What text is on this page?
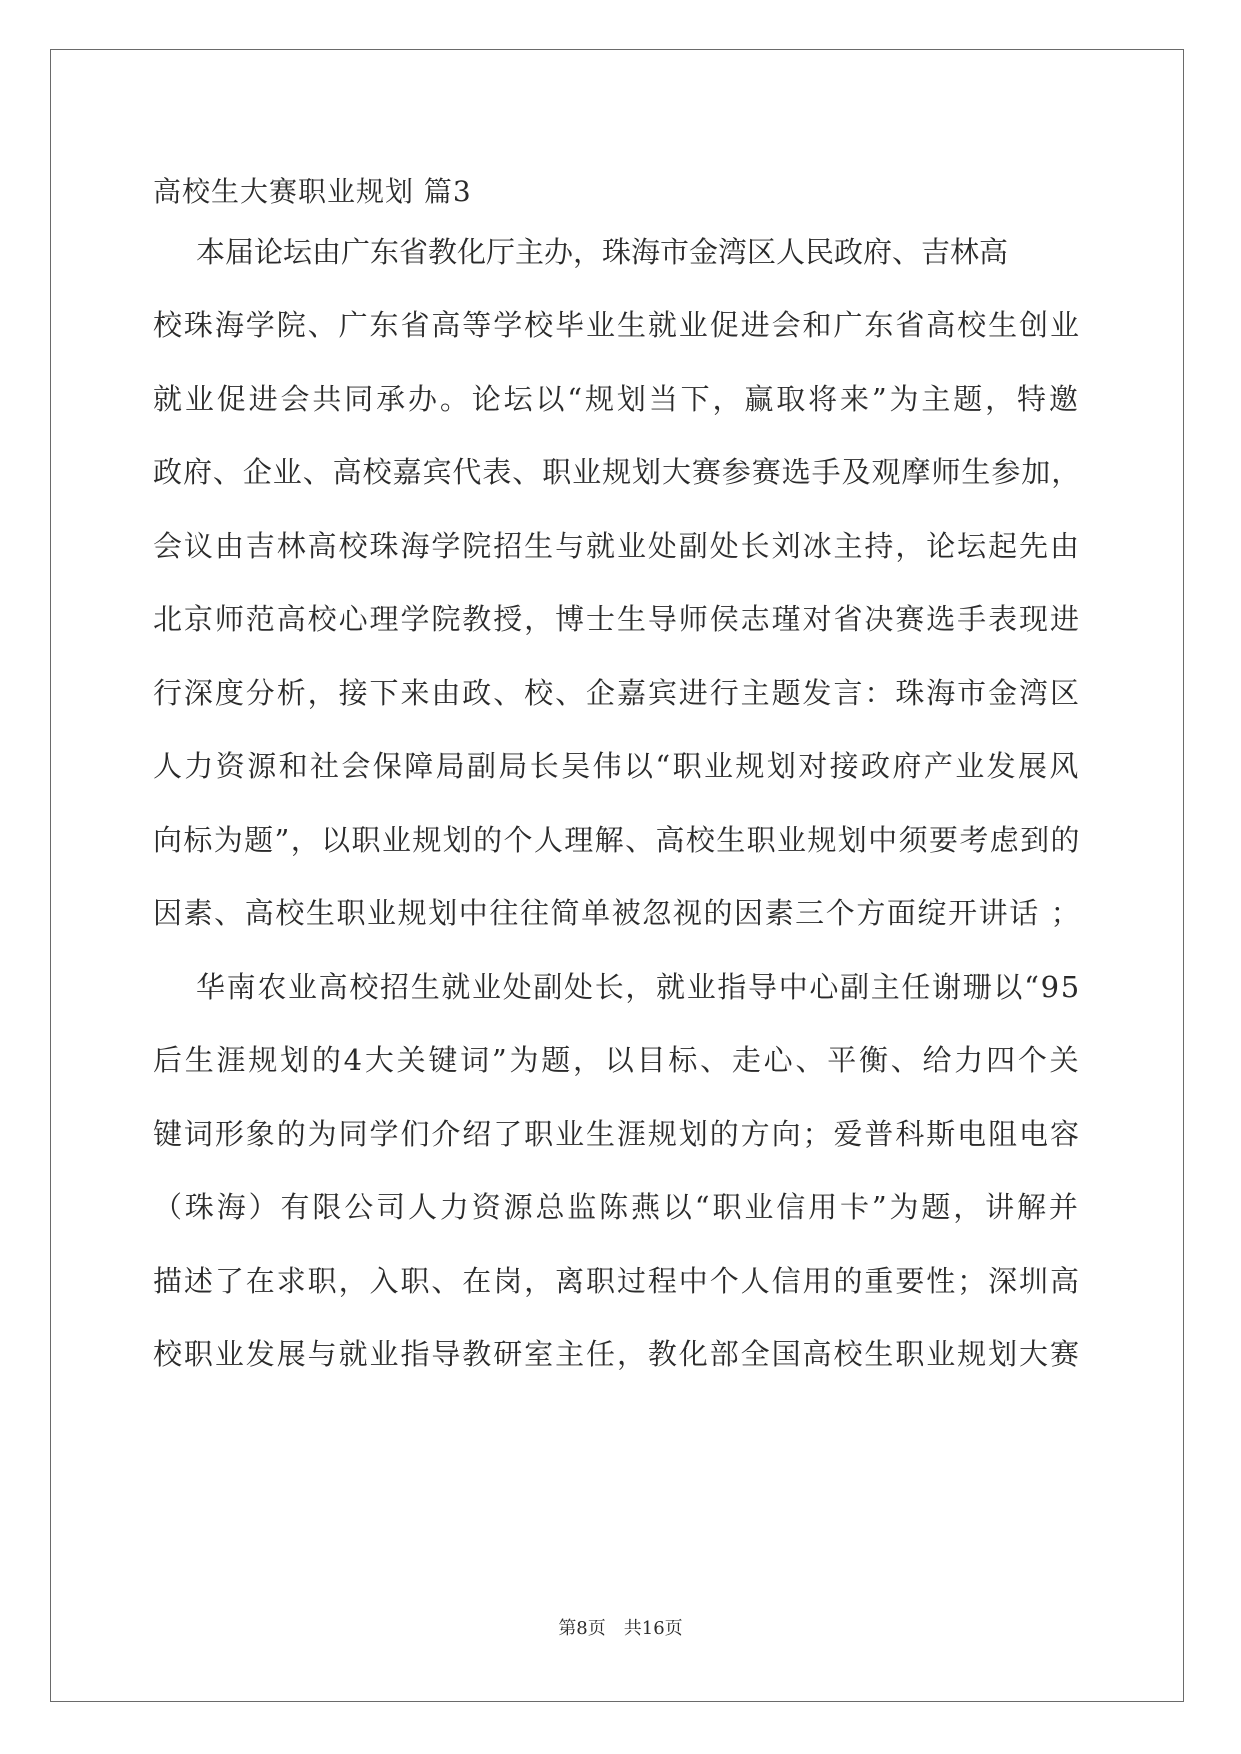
高校生大赛职业规划 篇3
本届论坛由广东省教化厅主办，珠海市金湾区人民政府、吉林高
校珠海学院、广东省高等学校毕业生就业促进会和广东省高校生创业
就业促进会共同承办。论坛以“规划当下，赢取将来”为主题，特邀
政府、企业、高校嘉宾代表、职业规划大赛参赛选手及观摩师生参加，
会议由吉林高校珠海学院招生与就业处副处长刘冰主持，论坛起先由
北京师范高校心理学院教授，博士生导师侯志瑾对省决赛选手表现进
行深度分析，接下来由政、校、企嘉宾进行主题发言：珠海市金湾区
人力资源和社会保障局副局长吴伟以“职业规划对接政府产业发展风
向标为题”，以职业规划的个人理解、高校生职业规划中须要考虑到的
因素、高校生职业规划中往往简单被忽视的因素三个方面绽开讲话 ；
华南农业高校招生就业处副处长，就业指导中心副主任谢珊以“95
后生涯规划的4大关键词”为题，以目标、走心、平衡、给力四个关
键词形象的为同学们介绍了职业生涯规划的方向；爱普科斯电阻电容
（珠海）有限公司人力资源总监陈燕以“职业信用卡”为题，讲解并
描述了在求职，入职、在岗，离职过程中个人信用的重要性；深圳高
校职业发展与就业指导教研室主任，教化部全国高校生职业规划大赛
第8页　共16页
